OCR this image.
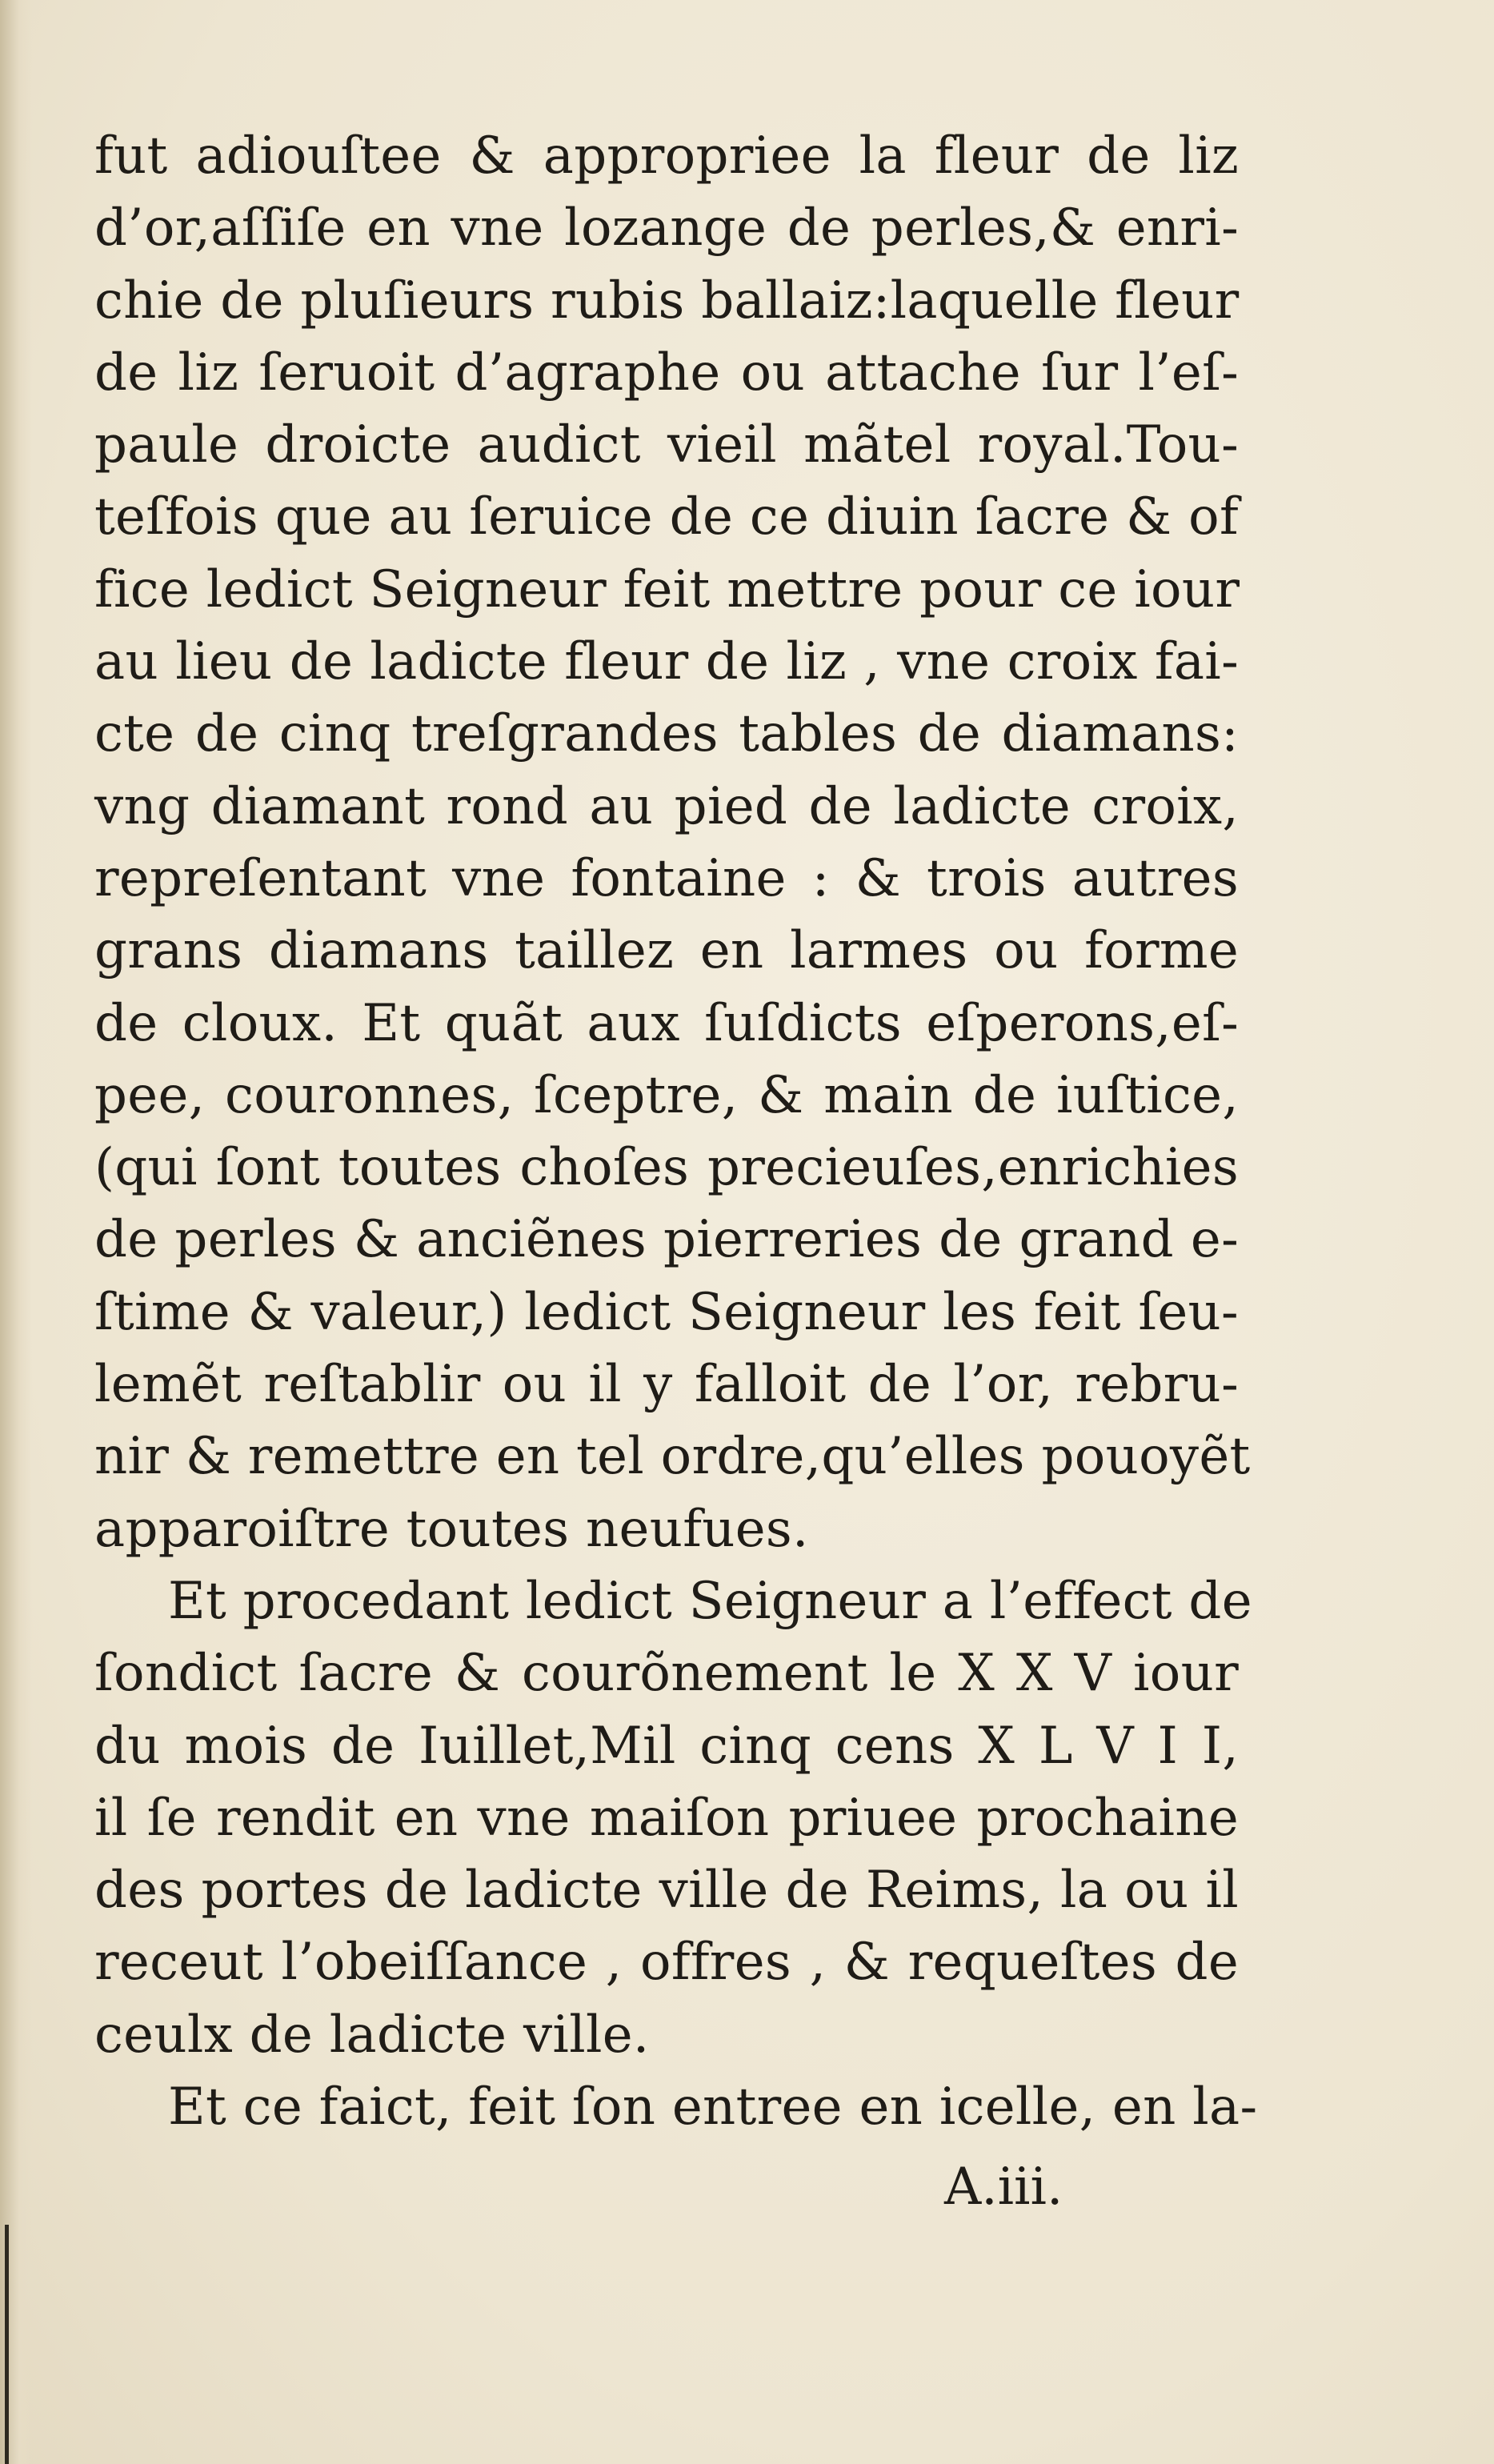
fut adiouſtee & appropriee la fleur de liz
d’or,aſſiſe en vne lozange de perles,& enri-
chie de pluſieurs rubis ballaiz:laquelle fleur
de liz ſeruoit d’agraphe ou attache ſur l’eſ-
paule droicte audict vieil mãtel royal.Tou-
teſfois que au ſeruice de ce diuin ſacre & of
fice ledict Seigneur feit mettre pour ce iour
au lieu de ladicte fleur de liz , vne croix fai-
cte de cinq treſgrandes tables de diamans:
vng diamant rond au pied de ladicte croix,
repreſentant vne fontaine : & trois autres
grans diamans taillez en larmes ou forme
de cloux. Et quãt aux ſuſdicts eſperons,eſ-
pee, couronnes, ſceptre, & main de iuſtice,
(qui ſont toutes choſes precieuſes,enrichies
de perles & anciẽnes pierreries de grand e-
ſtime & valeur,) ledict Seigneur les feit ſeu-
lemẽt reſtablir ou il y falloit de l’or, rebru-
nir & remettre en tel ordre,qu’elles pouoyẽt
apparoiſtre toutes neufues.
Et procedant ledict Seigneur a l’effect de
ſondict ſacre & courõnement le X X V iour
du mois de Iuillet,Mil cinq cens X L V I I,
il ſe rendit en vne maiſon priuee prochaine
des portes de ladicte ville de Reims, la ou il
receut l’obeiſſance , offres , & requeſtes de
ceulx de ladicte ville.
Et ce faict, feit ſon entree en icelle, en la-
A.iii.
